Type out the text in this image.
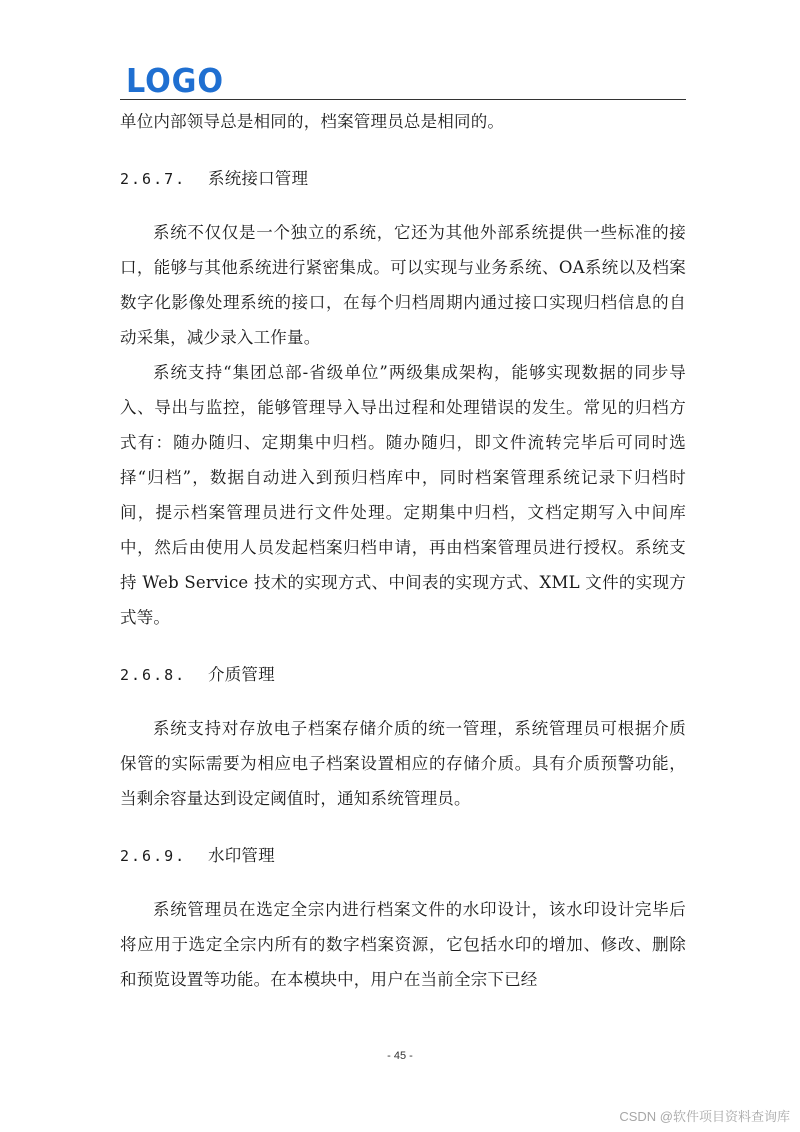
LOGO

单位内部领导总是相同的，档案管理员总是相同的。

2.6.7. 系统接口管理

系统不仅仅是一个独立的系统，它还为其他外部系统提供一些标准的接口，能够与其他系统进行紧密集成。可以实现与业务系统、OA系统以及档案数字化影像处理系统的接口，在每个归档周期内通过接口实现归档信息的自动采集，减少录入工作量。

系统支持“集团总部-省级单位”两级集成架构，能够实现数据的同步导入、导出与监控，能够管理导入导出过程和处理错误的发生。常见的归档方式有：随办随归、定期集中归档。随办随归，即文件流转完毕后可同时选择“归档”，数据自动进入到预归档库中，同时档案管理系统记录下归档时间，提示档案管理员进行文件处理。定期集中归档，文档定期写入中间库中，然后由使用人员发起档案归档申请，再由档案管理员进行授权。系统支持 Web Service 技术的实现方式、中间表的实现方式、XML 文件的实现方式等。

2.6.8. 介质管理

系统支持对存放电子档案存储介质的统一管理，系统管理员可根据介质保管的实际需要为相应电子档案设置相应的存储介质。具有介质预警功能，当剩余容量达到设定阈值时，通知系统管理员。

2.6.9. 水印管理

系统管理员在选定全宗内进行档案文件的水印设计，该水印设计完毕后将应用于选定全宗内所有的数字档案资源，它包括水印的增加、修改、删除和预览设置等功能。在本模块中，用户在当前全宗下已经

- 45 -
CSDN @软件项目资料查询库
